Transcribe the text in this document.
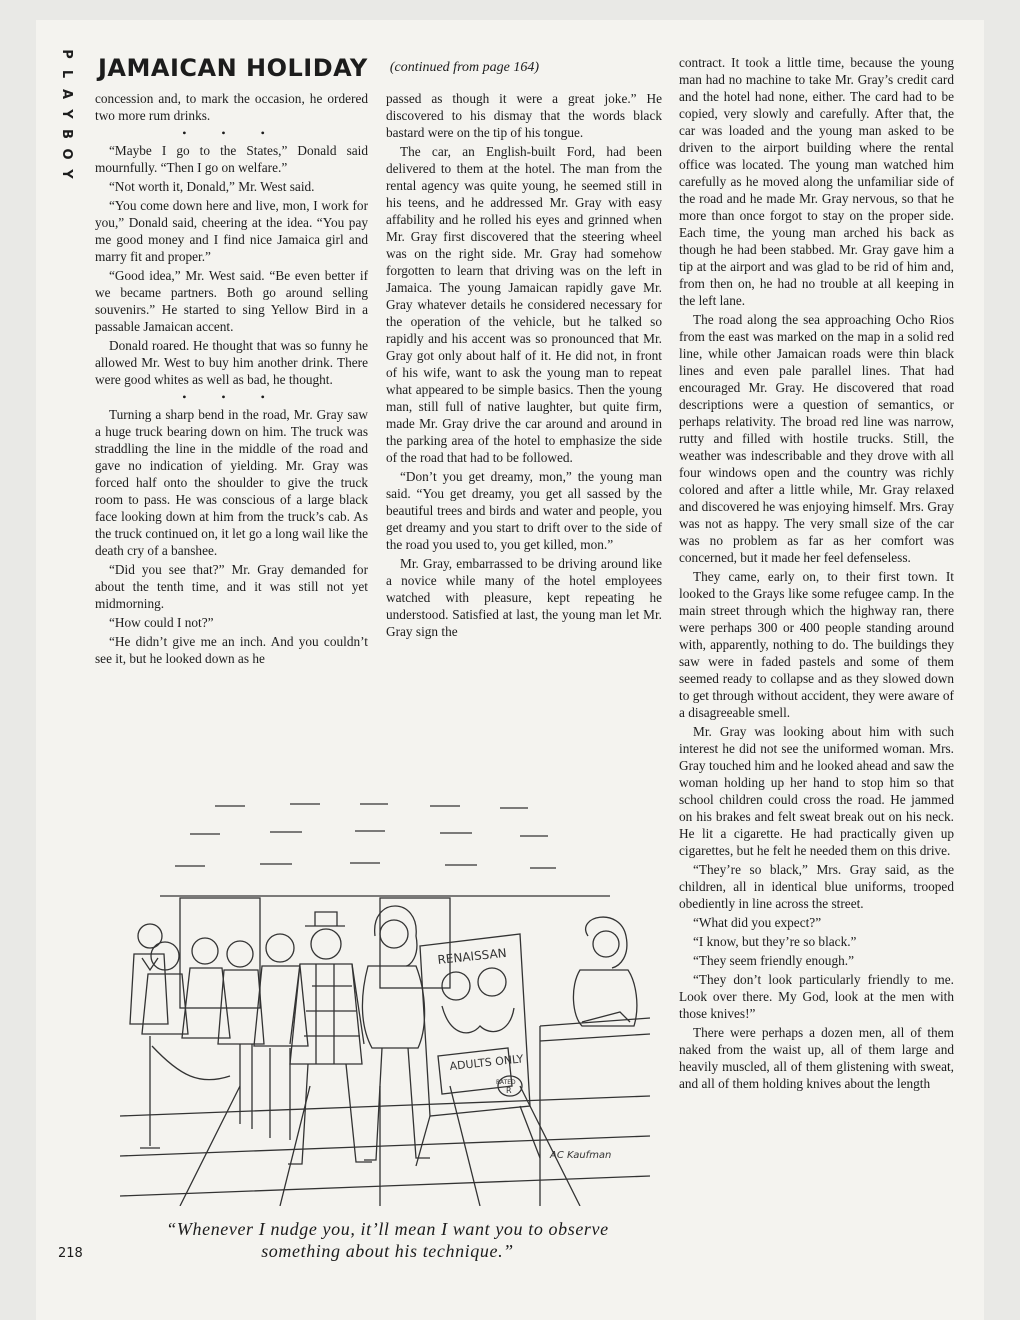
P
L
A
Y
B
O
Y
JAMAICAN HOLIDAY (continued from page 164)

concession and, to mark the occasion, he ordered two more rum drinks.

• • •

“Maybe I go to the States,” Donald said mournfully. “Then I go on welfare.”

“Not worth it, Donald,” Mr. West said.

“You come down here and live, mon, I work for you,” Donald said, cheering at the idea. “You pay me good money and I find nice Jamaica girl and marry fit and proper.”

“Good idea,” Mr. West said. “Be even better if we became partners. Both go around selling souvenirs.” He started to sing Yellow Bird in a passable Jamaican accent.

Donald roared. He thought that was so funny he allowed Mr. West to buy him another drink. There were good whites as well as bad, he thought.

• • •

Turning a sharp bend in the road, Mr. Gray saw a huge truck bearing down on him. The truck was straddling the line in the middle of the road and gave no indication of yielding. Mr. Gray was forced half onto the shoulder to give the truck room to pass. He was conscious of a large black face looking down at him from the truck’s cab. As the truck continued on, it let go a long wail like the death cry of a banshee.

“Did you see that?” Mr. Gray demanded for about the tenth time, and it was still not yet midmorning.

“How could I not?”

“He didn’t give me an inch. And you couldn’t see it, but he looked down as he

passed as though it were a great joke.” He discovered to his dismay that the words black bastard were on the tip of his tongue.

The car, an English-built Ford, had been delivered to them at the hotel. The man from the rental agency was quite young, he seemed still in his teens, and he addressed Mr. Gray with easy affability and he rolled his eyes and grinned when Mr. Gray first discovered that the steering wheel was on the right side. Mr. Gray had somehow forgotten to learn that driving was on the left in Jamaica. The young Jamaican rapidly gave Mr. Gray whatever details he considered necessary for the operation of the vehicle, but he talked so rapidly and his accent was so pronounced that Mr. Gray got only about half of it. He did not, in front of his wife, want to ask the young man to repeat what appeared to be simple basics. Then the young man, still full of native laughter, but quite firm, made Mr. Gray drive the car around and around in the parking area of the hotel to emphasize the side of the road that had to be followed.

“Don’t you get dreamy, mon,” the young man said. “You get dreamy, you get all sassed by the beautiful trees and birds and water and people, you get dreamy and you start to drift over to the side of the road you used to, you get killed, mon.”

Mr. Gray, embarrassed to be driving around like a novice while many of the hotel employees watched with pleasure, kept repeating he understood. Satisfied at last, the young man let Mr. Gray sign the

contract. It took a little time, because the young man had no machine to take Mr. Gray’s credit card and the hotel had none, either. The card had to be copied, very slowly and carefully. After that, the car was loaded and the young man asked to be driven to the airport building where the rental office was located. The young man watched him carefully as he moved along the unfamiliar side of the road and he made Mr. Gray nervous, so that he more than once forgot to stay on the proper side. Each time, the young man arched his back as though he had been stabbed. Mr. Gray gave him a tip at the airport and was glad to be rid of him and, from then on, he had no trouble at all keeping in the left lane.

The road along the sea approaching Ocho Rios from the east was marked on the map in a solid red line, while other Jamaican roads were thin black lines and even pale parallel lines. That had encouraged Mr. Gray. He discovered that road descriptions were a question of semantics, or perhaps relativity. The broad red line was narrow, rutty and filled with hostile trucks. Still, the weather was indescribable and they drove with all four windows open and the country was richly colored and after a little while, Mr. Gray relaxed and discovered he was enjoying himself. Mrs. Gray was not as happy. The very small size of the car was no problem as far as her comfort was concerned, but it made her feel defenseless.

They came, early on, to their first town. It looked to the Grays like some refugee camp. In the main street through which the highway ran, there were perhaps 300 or 400 people standing around with, apparently, nothing to do. The buildings they saw were in faded pastels and some of them seemed ready to collapse and as they slowed down to get through without accident, they were aware of a disagreeable smell.

Mr. Gray was looking about him with such interest he did not see the uniformed woman. Mrs. Gray touched him and he looked ahead and saw the woman holding up her hand to stop him so that school children could cross the road. He jammed on his brakes and felt sweat break out on his neck. He lit a cigarette. He had practically given up cigarettes, but he felt he needed them on this drive.

“They’re so black,” Mrs. Gray said, as the children, all in identical blue uniforms, trooped obediently in line across the street.

“What did you expect?”

“I know, but they’re so black.”

“They seem friendly enough.”

“They don’t look particularly friendly to me. Look over there. My God, look at the men with those knives!”

There were perhaps a dozen men, all of them naked from the waist up, all of them large and heavily muscled, all of them glistening with sweat, and all of them holding knives about the length

RENAISSAN
ADULTS ONLY
RATED
R
AC Kaufman
“Whenever I nudge you, it’ll mean I want you to observe something about his technique.”
218
